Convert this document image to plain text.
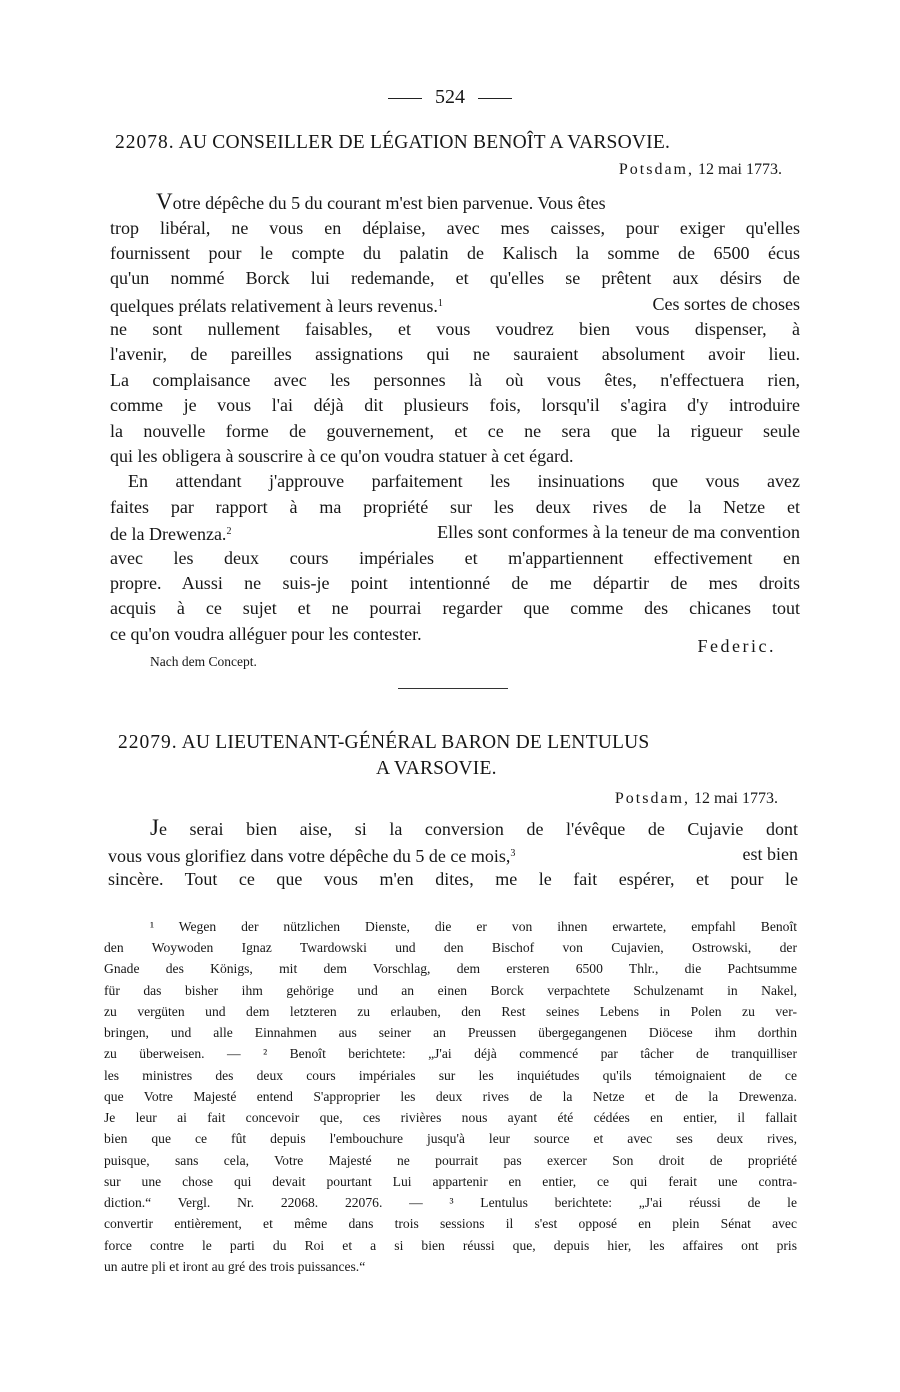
524
22078. AU CONSEILLER DE LÉGATION BENOÎT A VARSOVIE.
Potsdam, 12 mai 1773.
Votre dépêche du 5 du courant m'est bien parvenue. Vous êtes
trop libéral, ne vous en déplaise, avec mes caisses, pour exiger qu'elles
fournissent pour le compte du palatin de Kalisch la somme de 6500 écus
qu'un nommé Borck lui redemande, et qu'elles se prêtent aux désirs de
quelques prélats relativement à leurs revenus.$^1$	Ces sortes de choses
ne sont nullement faisables, et vous voudrez bien vous dispenser, à
l'avenir, de pareilles assignations qui ne sauraient absolument avoir lieu.
La complaisance avec les personnes là où vous êtes, n'effectuera rien,
comme je vous l'ai déjà dit plusieurs fois, lorsqu'il s'agira d'y introduire
la nouvelle forme de gouvernement, et ce ne sera que la rigueur seule
qui les obligera à souscrire à ce qu'on voudra statuer à cet égard.
En attendant j'approuve parfaitement les insinuations que vous avez
faites par rapport à ma propriété sur les deux rives de la Netze et
de la Drewenza.$^2$	Elles sont conformes à la teneur de ma convention
avec les deux cours impériales et m'appartiennent effectivement en
propre. Aussi ne suis-je point intentionné de me départir de mes droits
acquis à ce sujet et ne pourrai regarder que comme des chicanes tout
ce qu'on voudra alléguer pour les contester.
Federic.
Nach dem Concept.
22079. AU LIEUTENANT-GÉNÉRAL BARON DE LENTULUS
A VARSOVIE.
Potsdam, 12 mai 1773.
Je serai bien aise, si la conversion de l'évêque de Cujavie dont
vous vous glorifiez dans votre dépêche du 5 de ce mois,$^3$	est bien
sincère. Tout ce que vous m'en dites, me le fait espérer, et pour le
¹ Wegen der nützlichen Dienste, die er von ihnen erwartete, empfahl Benoît
den Woywoden Ignaz Twardowski und den Bischof von Cujavien, Ostrowski, der
Gnade des Königs, mit dem Vorschlag, dem ersteren 6500 Thlr., die Pachtsumme
für das bisher ihm gehörige und an einen Borck verpachtete Schulzenamt in Nakel,
zu vergüten und dem letzteren zu erlauben, den Rest seines Lebens in Polen zu ver-
bringen, und alle Einnahmen aus seiner an Preussen übergegangenen Diöcese ihm dorthin
zu überweisen. — ² Benoît berichtete: „J'ai déjà commencé par tâcher de tranquilliser
les ministres des deux cours impériales sur les inquiétudes qu'ils témoignaient de ce
que Votre Majesté entend S'approprier les deux rives de la Netze et de la Drewenza.
Je leur ai fait concevoir que, ces rivières nous ayant été cédées en entier, il fallait
bien que ce fût depuis l'embouchure jusqu'à leur source et avec ses deux rives,
puisque, sans cela, Votre Majesté ne pourrait pas exercer Son droit de propriété
sur une chose qui devait pourtant Lui appartenir en entier, ce qui ferait une contra-
diction.“ Vergl. Nr. 22068. 22076. — ³ Lentulus berichtete: „J'ai réussi de le
convertir entièrement, et même dans trois sessions il s'est opposé en plein Sénat avec
force contre le parti du Roi et a si bien réussi que, depuis hier, les affaires ont pris
un autre pli et iront au gré des trois puissances.“
